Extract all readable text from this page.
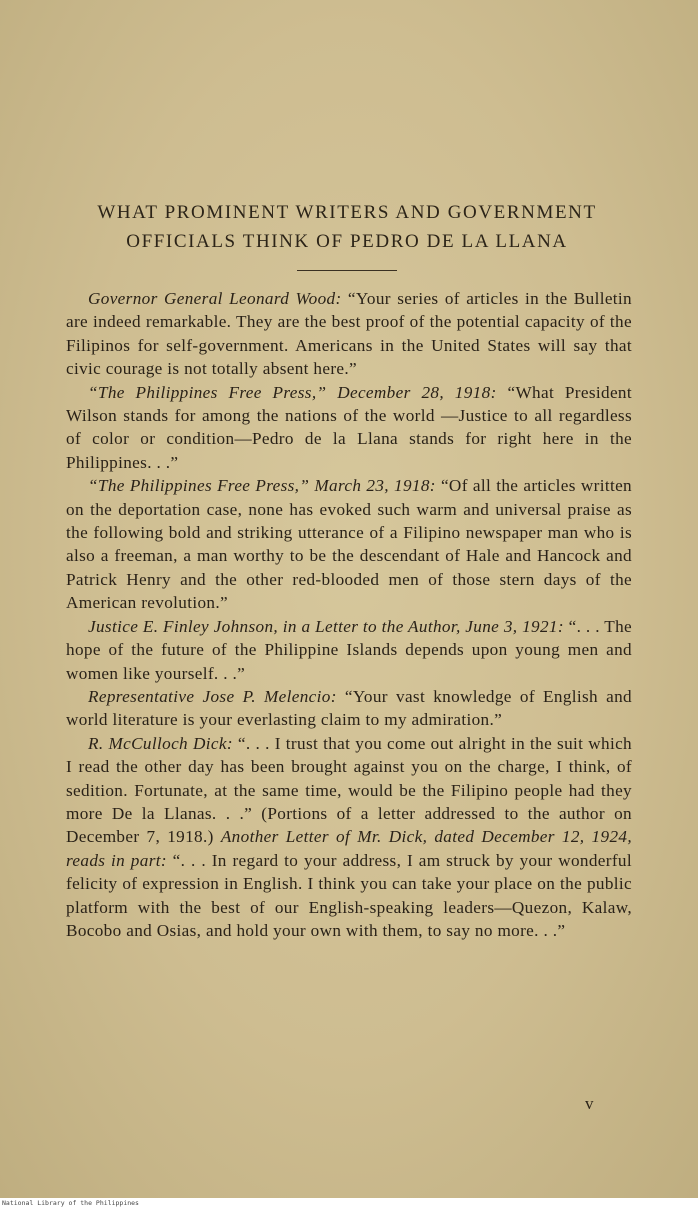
WHAT PROMINENT WRITERS AND GOVERNMENT
OFFICIALS THINK OF PEDRO DE LA LLANA

Governor General Leonard Wood: “Your series of articles in the Bulletin are indeed remarkable. They are the best proof of the potential capacity of the Filipinos for self-government. Americans in the United States will say that civic courage is not totally absent here.”

“The Philippines Free Press,” December 28, 1918: “What President Wilson stands for among the nations of the world —Justice to all regardless of color or condition—Pedro de la Llana stands for right here in the Philippines. . .”

“The Philippines Free Press,” March 23, 1918: “Of all the articles written on the deportation case, none has evoked such warm and universal praise as the following bold and striking utterance of a Filipino newspaper man who is also a freeman, a man worthy to be the descendant of Hale and Hancock and Patrick Henry and the other red-blooded men of those stern days of the American revolution.”

Justice E. Finley Johnson, in a Letter to the Author, June 3, 1921: “. . . The hope of the future of the Philippine Islands depends upon young men and women like yourself. . .”

Representative Jose P. Melencio: “Your vast knowledge of English and world literature is your everlasting claim to my admiration.”

R. McCulloch Dick: “. . . I trust that you come out alright in the suit which I read the other day has been brought against you on the charge, I think, of sedition. Fortunate, at the same time, would be the Filipino people had they more De la Llanas. . .” (Portions of a letter addressed to the author on December 7, 1918.) Another Letter of Mr. Dick, dated December 12, 1924, reads in part: “. . . In regard to your address, I am struck by your wonderful felicity of expression in English. I think you can take your place on the public platform with the best of our English-speaking leaders—Quezon, Kalaw, Bocobo and Osias, and hold your own with them, to say no more. . .”

v
National Library of the Philippines
